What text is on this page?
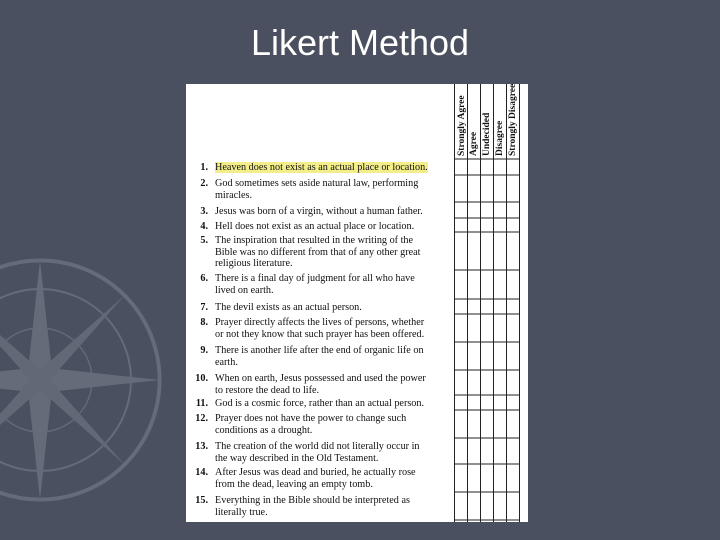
Likert Method
Strongly Agree Agree Undecided Disagree Strongly Disagree
1. Heaven does not exist as an actual place or location.
2. God sometimes sets aside natural law, performing
miracles.
3. Jesus was born of a virgin, without a human father.
4. Hell does not exist as an actual place or location.
5. The inspiration that resulted in the writing of the
Bible was no different from that of any other great
religious literature.
6. There is a final day of judgment for all who have
lived on earth.
7. The devil exists as an actual person.
8. Prayer directly affects the lives of persons, whether
or not they know that such prayer has been offered.
9. There is another life after the end of organic life on
earth.
10. When on earth, Jesus possessed and used the power
to restore the dead to life.
11. God is a cosmic force, rather than an actual person.
12. Prayer does not have the power to change such
conditions as a drought.
13. The creation of the world did not literally occur in
the way described in the Old Testament.
14. After Jesus was dead and buried, he actually rose
from the dead, leaving an empty tomb.
15. Everything in the Bible should be interpreted as
literally true.
